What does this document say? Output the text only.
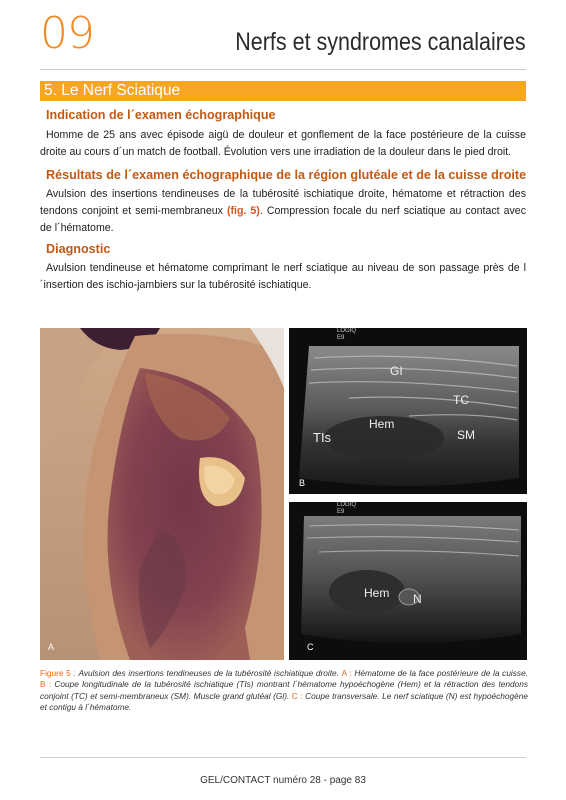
09	Nerfs et syndromes canalaires
5. Le Nerf Sciatique
Indication de l´examen échographique
Homme de 25 ans avec épisode aigü de douleur et gonflement de la face postérieure de la cuisse droite au cours d´un match de football. Évolution vers une irradiation de la douleur dans le pied droit.
Résultats de l´examen échographique de la région glutéale et de la cuisse droite
Avulsion des insertions tendineuses de la tubérosité ischiatique droite, hématome et rétraction des tendons conjoint et semi-membraneux (fig. 5). Compression focale du nerf sciatique au contact avec de l´hématome.
Diagnostic
Avulsion tendineuse et hématome comprimant le nerf sciatique au niveau de son passage près de l´insertion des ischio-jambiers sur la tubérosité ischiatique.
A
LOGIQ
E9
GI
TC
Hem
TIs	SM
B
LOGIQ
E9
Hem N
C
Figure 5 : Avulsion des insertions tendineuses de la tubérosité ischiatique droite. A : Hématome de la face postérieure de la cuisse. B : Coupe longitudinale de la tubérosité ischiatique (TIs) montrant l´hématome hypoéchogène (Hem) et la rétraction des tendons conjoint (TC) et semi-membraneux (SM). Muscle grand glutéal (Gl). C : Coupe transversale. Le nerf sciatique (N) est hypoéchogène et contigu à l´hématome.
GEL/CONTACT numéro 28 - page 83
